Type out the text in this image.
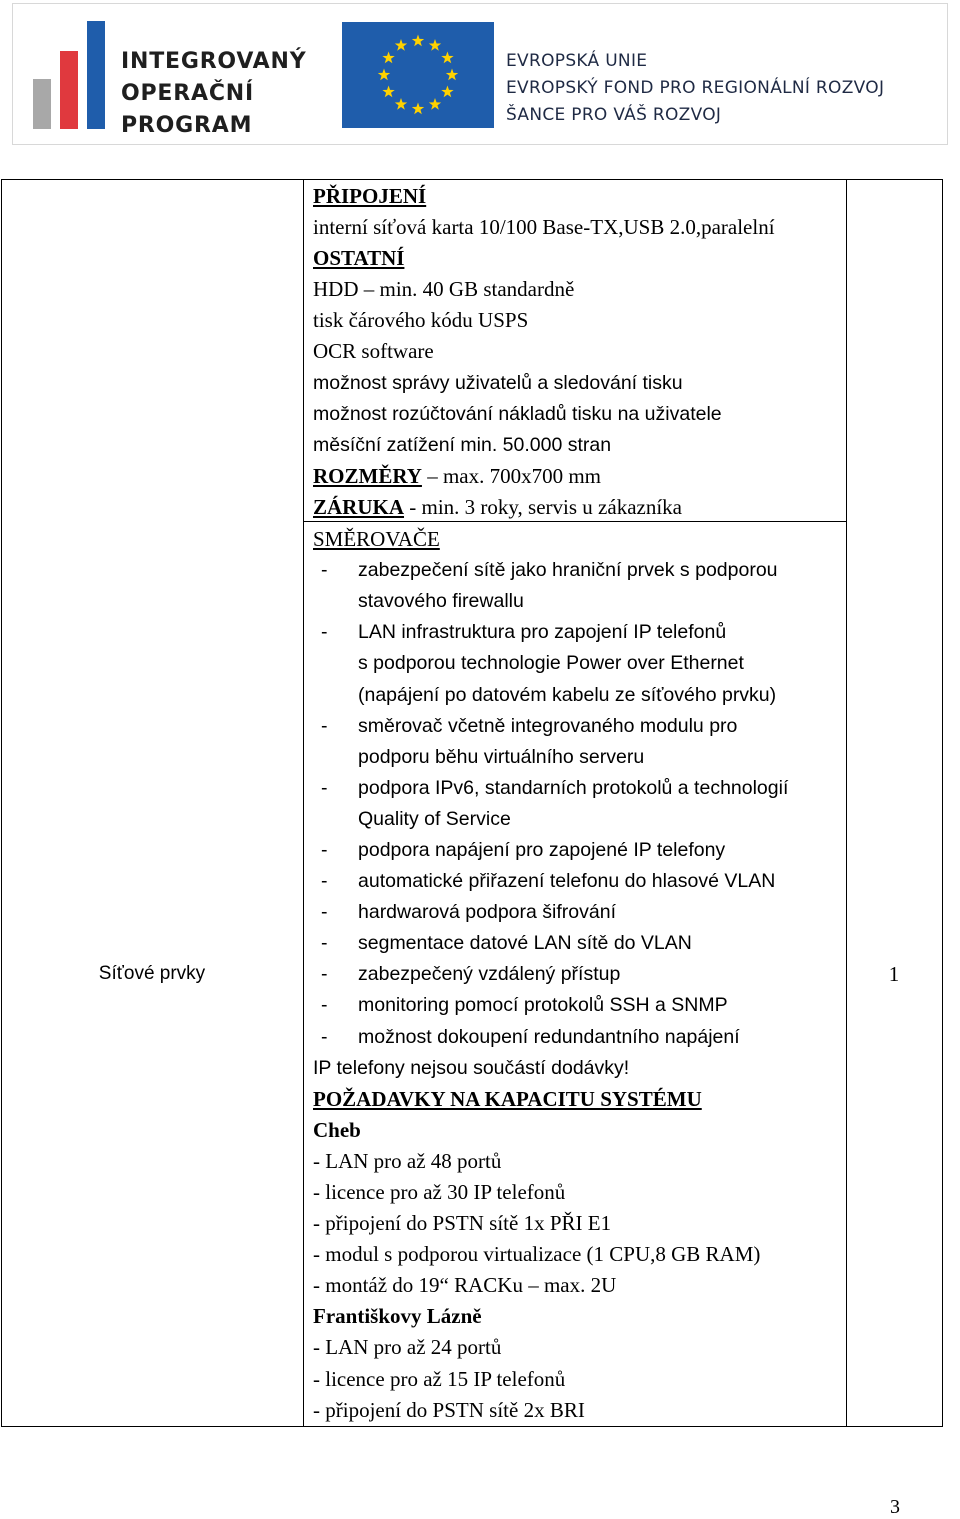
INTEGROVANÝ
OPERAČNÍ
PROGRAM
EVROPSKÁ UNIE
EVROPSKÝ FOND PRO REGIONÁLNÍ ROZVOJ
ŠANCE PRO VÁŠ ROZVOJ
Síťové prvky	1
PŘIPOJENÍ
interní síťová karta 10/100 Base-TX,USB 2.0,paralelní
OSTATNÍ
HDD – min. 40 GB standardně
tisk čárového kódu USPS
OCR software
možnost správy uživatelů a sledování tisku
možnost rozúčtování nákladů tisku na uživatele
měsíční zatížení min. 50.000 stran
ROZMĚRY – max. 700x700 mm
ZÁRUKA - min. 3 roky, servis u zákazníka
SMĚROVAČE
-	zabezpečení sítě jako hraniční prvek s podporou
stavového firewallu
-	LAN infrastruktura pro zapojení IP telefonů
s podporou technologie Power over Ethernet
(napájení po datovém kabelu ze síťového prvku)
-	směrovač včetně integrovaného modulu pro
podporu běhu virtuálního serveru
-	podpora IPv6, standarních protokolů a technologií
Quality of Service
-	podpora napájení pro zapojené IP telefony
-	automatické přiřazení telefonu do hlasové VLAN
-	hardwarová podpora šifrování
-	segmentace datové LAN sítě do VLAN
-	zabezpečený vzdálený přístup
-	monitoring pomocí protokolů SSH a SNMP
-	možnost dokoupení redundantního napájení
IP telefony nejsou součástí dodávky!
POŽADAVKY NA KAPACITU SYSTÉMU
Cheb
- LAN pro až 48 portů
- licence pro až 30 IP telefonů
- připojení do PSTN sítě 1x PŘI E1
- modul s podporou virtualizace (1 CPU,8 GB RAM)
- montáž do 19“ RACKu – max. 2U
Františkovy Lázně
- LAN pro až 24 portů
- licence pro až 15 IP telefonů
- připojení do PSTN sítě 2x BRI
3
